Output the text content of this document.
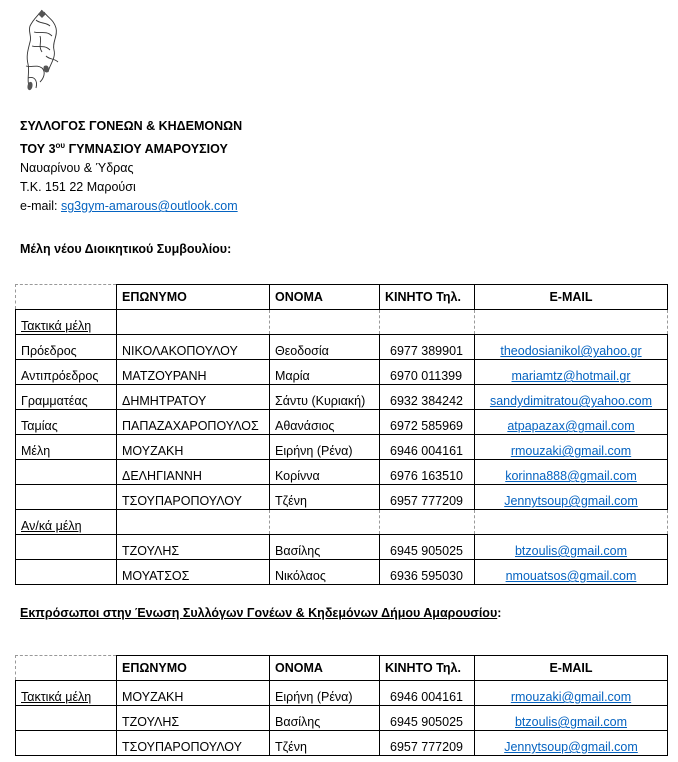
ΣΥΛΛΟΓΟΣ ΓΟΝΕΩΝ & ΚΗΔΕΜΟΝΩΝ
ΤΟΥ $3^{o\upsilon}$ ΓΥΜΝΑΣΙΟΥ ΑΜΑΡΟΥΣΙΟΥ
Ναυαρίνου & Ύδρας
Τ.Κ. 151 22 Μαρούσι
e-mail: sg3gym-amarous@outlook.com
Μέλη νέου Διοικητικού Συμβουλίου:
	ΕΠΩΝΥΜΟ	ΟΝΟΜΑ	ΚΙΝΗΤΟ Τηλ.	E-MAIL
Τακτικά μέλη				
Πρόεδρος	ΝΙΚΟΛΑΚΟΠΟΥΛΟΥ	Θεοδοσία	6977 389901	theodosianikol@yahoo.gr
Αντιπρόεδρος	ΜΑΤΖΟΥΡΑΝΗ	Μαρία	6970 011399	mariamtz@hotmail.gr
Γραμματέας	ΔΗΜΗΤΡΑΤΟΥ	Σάντυ (Κυριακή)	6932 384242	sandydimitratou@yahoo.com
Ταμίας	ΠΑΠΑΖΑΧΑΡΟΠΟΥΛΟΣ	Αθανάσιος	6972 585969	atpapazax@gmail.com
Μέλη	ΜΟΥΖΑΚΗ	Ειρήνη (Ρένα)	6946 004161	rmouzaki@gmail.com
	ΔΕΛΗΓΙΑΝΝΗ	Κορίννα	6976 163510	korinna888@gmail.com
	ΤΣΟΥΠΑΡΟΠΟΥΛΟΥ	Τζένη	6957 777209	Jennytsoup@gmail.com
Αν/κά μέλη				
	ΤΖΟΥΛΗΣ	Βασίλης	6945 905025	btzoulis@gmail.com
	ΜΟΥΑΤΣΟΣ	Νικόλαος	6936 595030	nmouatsos@gmail.com
Εκπρόσωποι στην Ένωση Συλλόγων Γονέων & Κηδεμόνων Δήμου Αμαρουσίου:
	ΕΠΩΝΥΜΟ	ΟΝΟΜΑ	ΚΙΝΗΤΟ Τηλ.	E-MAIL
Τακτικά μέλη	ΜΟΥΖΑΚΗ	Ειρήνη (Ρένα)	6946 004161	rmouzaki@gmail.com
	ΤΖΟΥΛΗΣ	Βασίλης	6945 905025	btzoulis@gmail.com
	ΤΣΟΥΠΑΡΟΠΟΥΛΟΥ	Τζένη	6957 777209	Jennytsoup@gmail.com
